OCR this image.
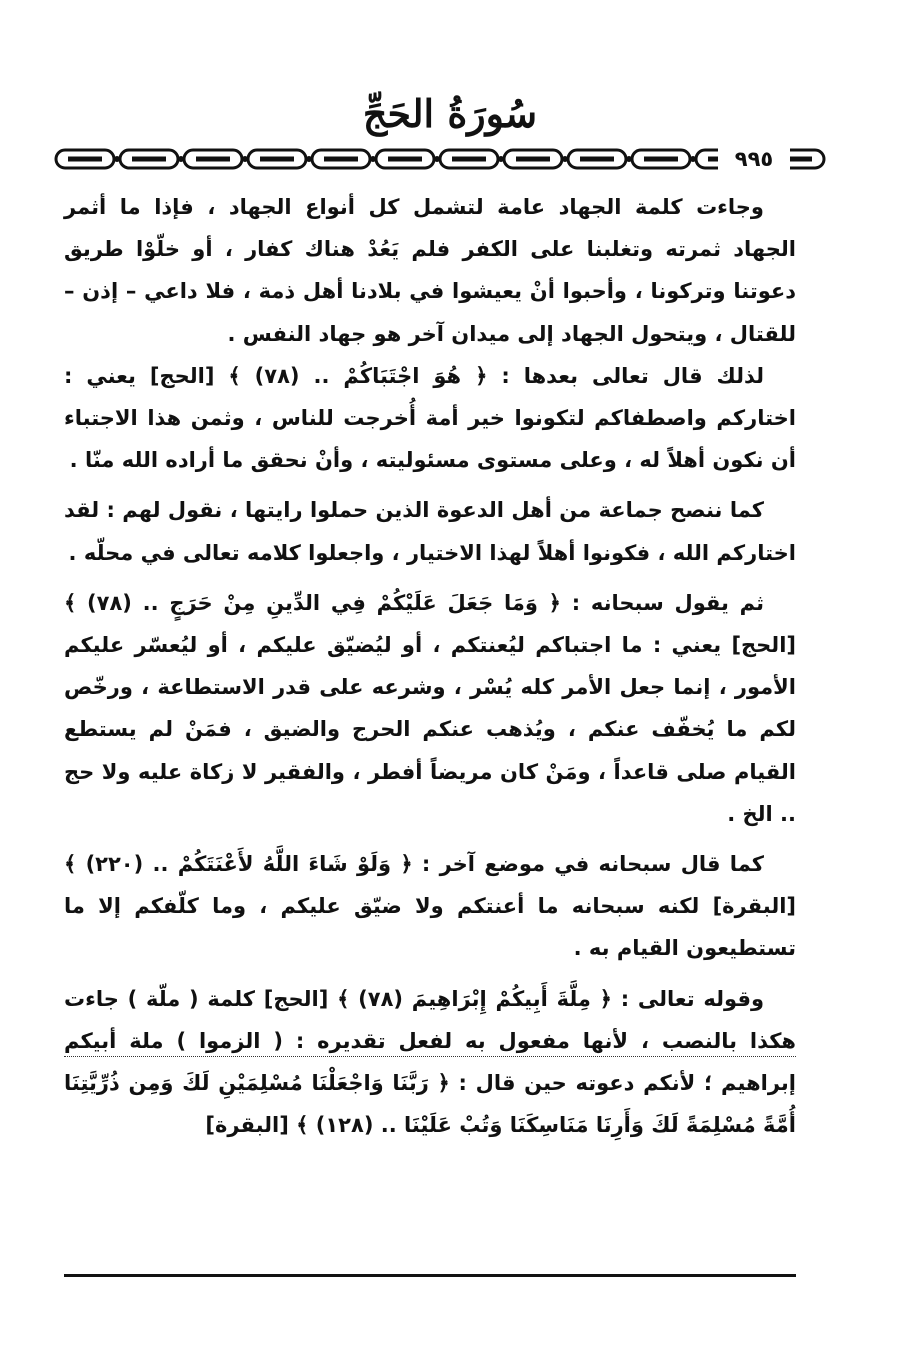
سُورَةُ الحَجِّ
٩٩٥

وجاءت كلمة الجهاد عامة لتشمل كل أنواع الجهاد ، فإذا ما أثمر الجهاد ثمرته وتغلبنا على الكفر فلم يَعُدْ هناك كفار ، أو خلّوْا طريق دعوتنا وتركونا ، وأحبوا أنْ يعيشوا في بلادنا أهل ذمة ، فلا داعي – إذن – للقتال ، ويتحول الجهاد إلى ميدان آخر هو جهاد النفس .

لذلك قال تعالى بعدها : ﴿ هُوَ اجْتَبَاكُمْ .. (٧٨) ﴾ [الحج] يعني : اختاركم واصطفاكم لتكونوا خير أمة أُخرجت للناس ، وثمن هذا الاجتباء أن نكون أهلاً له ، وعلى مستوى مسئوليته ، وأنْ نحقق ما أراده الله منّا .

كما ننصح جماعة من أهل الدعوة الذين حملوا رايتها ، نقول لهم : لقد اختاركم الله ، فكونوا أهلاً لهذا الاختيار ، واجعلوا كلامه تعالى في محلّه .

ثم يقول سبحانه : ﴿ وَمَا جَعَلَ عَلَيْكُمْ فِي الدِّينِ مِنْ حَرَجٍ .. (٧٨) ﴾ [الحج] يعني : ما اجتباكم ليُعنتكم ، أو ليُضيّق عليكم ، أو ليُعسّر عليكم الأمور ، إنما جعل الأمر كله يُسْر ، وشرعه على قدر الاستطاعة ، ورخّص لكم ما يُخفّف عنكم ، ويُذهب عنكم الحرج والضيق ، فمَنْ لم يستطع القيام صلى قاعداً ، ومَنْ كان مريضاً أفطر ، والفقير لا زكاة عليه ولا حج .. الخ .

كما قال سبحانه في موضع آخر : ﴿ وَلَوْ شَاءَ اللَّهُ لأَعْنَتَكُمْ .. (٢٢٠) ﴾ [البقرة] لكنه سبحانه ما أعنتكم ولا ضيّق عليكم ، وما كلّفكم إلا ما تستطيعون القيام به .

وقوله تعالى : ﴿ مِلَّةَ أَبِيكُمْ إِبْرَاهِيمَ (٧٨) ﴾ [الحج] كلمة ( ملّة ) جاءت هكذا بالنصب ، لأنها مفعول به لفعل تقديره : ( الزموا ) ملة أبيكم إبراهيم ؛ لأنكم دعوته حين قال : ﴿ رَبَّنَا وَاجْعَلْنَا مُسْلِمَيْنِ لَكَ وَمِن ذُرِّيَّتِنَا أُمَّةً مُسْلِمَةً لَكَ وَأَرِنَا مَنَاسِكَنَا وَتُبْ عَلَيْنَا .. (١٢٨) ﴾ [البقرة]
